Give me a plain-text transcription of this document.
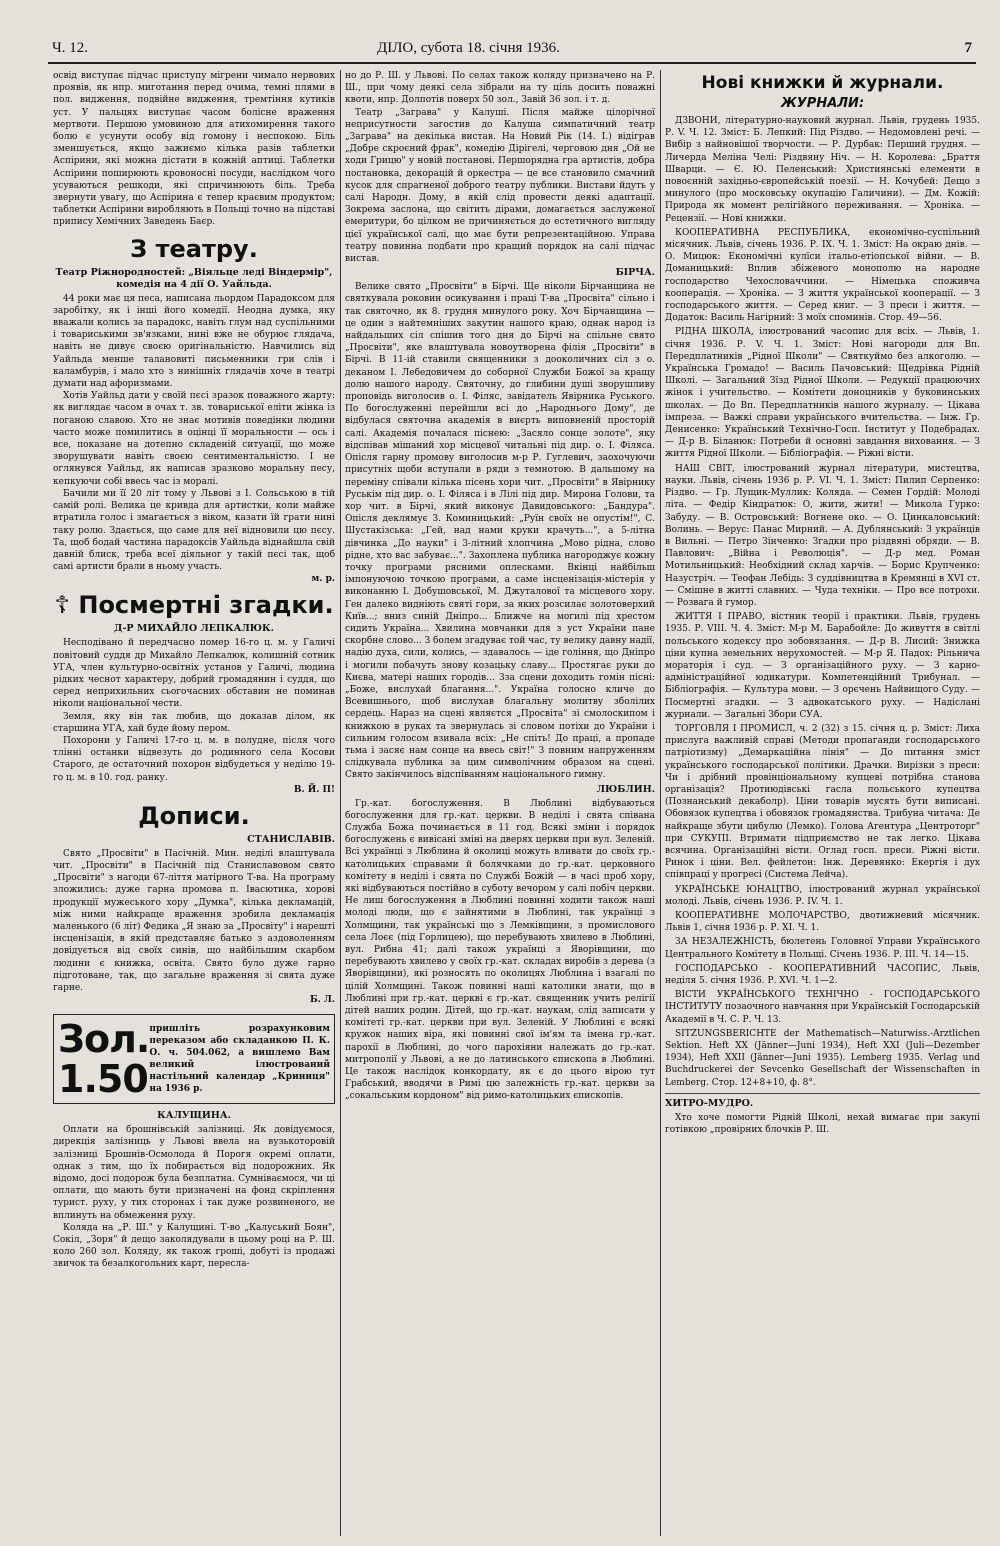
Ч. 12.	ДІЛО, субота 18. січня 1936.	7

освід виступає підчас приступу мігрени чимало нервових проявів, як нпр. миготання перед очима, темні плями в пол. видження, подвійне видження, тремтіння кутиків уст. У пальцях виступає часом болісне враження мертвоти. Першою умовиною для атихомирення такого болю є усунути особу від гомону і неспокою. Біль зменшується, якщо зажиємо кілька разів таблетки Аспірини, які можна дістати в кожній аптиці. Таблетки Аспірини поширюють кровоносні посуди, наслідком чого усуваються решкоди, які спричинюють біль. Треба звернути увагу, що Аспірина є тепер краєвим продуктом; таблетки Аспірини виробляють в Польщі точно на підставі припису Хемічних Заведень Баєр.

З театру.
Театр Ріжнородностей: „Віяльце леді Віндермір", комедія на 4 дії О. Уайльда.

44 роки має ця песа, написана льордом Парадоксом для заробітку, як і інші його комедії. Неодна думка, яку вважали колись за парадокс, навіть глум над суспільними і товариськими зв'язками, нині вже не обурює глядача, навіть не дивує своєю оригінальністю. Навчились від Уайльда менше талановиті письменники гри слів і каламбурів, і мало хто з нинішніх глядачів хоче в театрі думати над афоризмами.

Хотів Уайльд дати у своїй пєсі зразок поважного жарту: як виглядає часом в очах т. зв. товариської еліти жінка із поганою славою. Хто не знає мотивів поведінки людини часто може помилитись в оцінці її моральности — ось і все, показане на дотепно складеній ситуації, що може зворушувати навіть своєю сентиментальністю. І не оглянувся Уайльд, як написав зразково моральну песу, кепкуючи собі ввесь час із моралі.

Бачили ми її 20 літ тому у Львові з І. Сольською в тій самій ролі. Велика це кривда для артистки, коли майже втратила голос і змагається з віком, казати їй грати нині таку ролю. Здається, що саме для неї відновили цю пєсу. Та, щоб бодай частина парадоксів Уайльда віднайшла свій давній блиск, треба всеї діяльног у такій пєсі так, щоб самі артисти брали в ньому участь.

м. р.
☦ Посмертні згадки.
Д-Р МИХАЙЛО ЛЕПКАЛЮК.

Несподівано й передчасно помер 16-го ц. м. у Галичі повітовий суддя др Михайло Лепкалюк, колишній сотник УГА, член культурно-освітніх установ у Галичі, людина рідких чеснот характеру, добрий громадянин і суддя, що серед неприхильних сьогочасних обставин не поминав ніколи національної чести.

Земля, яку він так любив, що доказав ділом, як старшина УГА, хай буде йому пером.

Похорони у Галичі 17-го ц. м. в полудне, після чого тлінні останки відвезуть до родинного села Косови Старого, де остаточний похорон відбудеться у неділю 19-го ц. м. в 10. год. ранку.

В. Й. П!
Дописи.
СТАНИСЛАВІВ.

Свято „Просвіти" в Пасічній. Мин. неділі влаштувала чит. „Просвіти" в Пасічній під Станиславовом свято „Просвіти" з нагоди 67-ліття матірного Т-ва. На програму зложились: дуже гарна промова п. Івасютика, хорові продукції мужеського хору „Думка", кілька декламацій, між ними найкраще враження зробила декламація маленького (6 літ) Федика „Я знаю за „Просвіту" і нарешті інсценізація, в якій представляє батько з аздоволенням довідується від своїх синів, що найбільшим скарбом людини є книжка, освіта. Свято було дуже гарно підготоване, так, що загальне враження зі свята дуже гарне.

Б. Л.
Зол. 1.50
пришліть розрахунковим переказом або складанкою П. К. О. ч. 504.062, а вишлемо Вам великий ілюстрований настільний календар „Криниця" на 1936 р.
КАЛУЩИНА.

Оплати на брошнівській залізниці. Як довідуємося, дирекція залізниць у Львові ввела на вузькоторовій залізниці Брошнів-Осмолода й Порогя окремі оплати, однак з тим, що їх побирається від подорожних. Як відомо, досі подорож була безплатна. Сумніваємося, чи ці оплати, що мають бути призначені на фонд скріплення турист. руху, у тих сторонах і так дуже розвиненого, не вплинуть на обмеження руху.

Коляда на „Р. Ш." у Калущині. Т-во „Калуський Боян", Сокіл, „Зоря" й дещо заколядували в цьому році на Р. Ш. коло 260 зол. Коляду, як також гроші, добуті із продажі звичок та безалкогольних карт, пересла-

но до Р. Ш. у Львові. По селах також коляду призначено на Р. Ш., при чому деякі села зібрали на ту ціль досить поважні квоти, нпр. Долпотів поверх 50 зол., Завій 36 зол. і т. д.

Театр „Заграва" у Калуші. Після майже цілорічної неприсутности загостив до Калуша симпатичний театр „Заграва" на декілька вистав. На Новий Рік (14. І.) відіграв „Добре скроєний фрак", комедію Дірігелі, черговою дня „Ой не ходи Грицю" у новій постанові. Першорядна гра артистів, добра постановка, декорацій й оркестра — це все становило смачний кусок для спрагненої доброго театру публики. Вистави йдуть у салі Народн. Дому, в якій слід провести деякі адаптації. Зокрема заслона, що світить дірами, домагається заслуженої емеритури, бо цілком не причиняється до естетичного вигляду цієї української салі, що має бути репрезентаційною. Управа театру повинна подбати про кращий порядок на салі підчас вистав.

БІРЧА.

Велике свято „Просвіти" в Бірчі. Ще ніколи Бірчанщина не святкувала роковин осикування і праці Т-ва „Просвіта" сільно і так святочно, як 8. грудня минулого року. Хоч Бірчанщина — це один з найтемніших закутин нашого краю, однак народ із найдальших сіл спішив того дня до Бірчі на спільне свято „Просвіти", яке влаштувала новоутворена філія „Просвіти" в Бірчі. В 11-ій ставили священники з дооколичних сіл з о. деканом І. Лебедовичем до соборної Служби Божої за кращу долю нашого народу. Святочну, до глибини душі зворушливу проповідь виголосив о. І. Філяс, завідатель Явірника Руського. По богослуженні перейшли всі до „Народнього Дому", де відбулася святочна академія в виєрть виповненій просторій салі. Академія почалася піснею: „Засяло сонце золоте", яку відспівав мішаний хор місцевої читальні під дир. о. І. Філяса. Опісля гарну промову виголосив м-р Р. Гуглевич, заохочуючи присутніх щоби вступали в ряди з темнотою. В дальшому на переміну співали кілька пісень хори чит. „Просвіти" в Явірнику Руськім під дир. о. І. Філяса і в Лілі під дир. Мирона Голови, та хор чит. в Бірчі, який виконує Давидовського: „Бандура". Опісля деклямує З. Коминицький: „Руїн своїх не опустім!", С. Шустакізська: „Гей, над нами круки крачуть...", а 5-літна дівчинка „До науки" і 3-літний хлопчина „Мово рідна, слово рідне, хто вас забуває...". Захоплена публика нагороджує кожну точку програми рясними оплесками. Вкінці найбільш імпонуючою точкою програми, а саме інсценізація-містерія у виконанню І. Добушовської, М. Джуталової та місцевого хору. Ген далеко видніють святі гори, за яких розсилає золотоверхий Київ...; вниз синій Дніпро... Ближче на могилі під хрестом сидить Україна... Хвилина мовчанки для з уст України пане скорбне слово... З болем згадуває той час, ту велику давну надії, надію духа, сили, колись, — здавалось — іде гоління, що Дніпро і могили побачуть знову козацьку славу... Простягає руки до Києва, матері наших городів... Зза сцени доходить гомін пісні: „Боже, вислухай благання...". Україна голосно кличе до Всевишнього, щоб вислухав благальну молитву зболілих сердець. Нараз на сцені являєтся „Просвіта" зі смолоскипом і книжкою в руках та звернулась зі словом потіхи до України і сильним голосом взивала всіх: „Не спіть! До праці, а пропаде тьма і засяє нам сонце на ввесь світ!" З повним напруженням слідкувала публика за цим символічним образом на сцені. Свято закінчилось відспіванням національного гимну.

ЛЮБЛИН.

Гр.-кат. богослуження. В Люблині відбуваються богослуження для гр.-кат. церкви. В неділі і свята співана Служба Божа починається в 11 год. Всякі зміни і порядок богослужень є вивісані зміні на дверях церкви при вул. Зеленій. Всі українці з Люблина й околиці можуть вливати до своїх гр.-католицьких справами й болячками до гр.-кат. церковного комітету в неділі і свята по Службі Божій — в часі проб хору, які відбуваються постійно в суботу вечором у салі побіч церкви. Не лиш богослуження в Люблині повинні ходити також наші молоді люди, що є зайнятими в Люблині, так українці з Холмщини, так українські що з Лемківщини, з промислового села Лоєє (під Горлицею), що перебувають хвилево в Люблині, вул. Рибна 41; далі також українці з Яворівщини, що перебувають хвилево у своїх гр.-кат. складах виробів з дерева (з Яворівщини), які розносять по околицях Люблина і взагалі по цілій Холмщині. Також повинні наші католики знати, що в Люблині при гр.-кат. церкві є гр.-кат. священник учить релігії дітей наших родин. Дітей, що гр.-кат. наукам, слід записати у комітеті гр.-кат. церкви при вул. Зеленій. У Люблині є всякі кружок наших віра, які повинні свої ім'ям та імена гр.-кат. парохії в Люблині, до чого парохіяни належать до гр.-кат. митрополії у Львові, а не до латинського єпископа в Люблині. Це також наслідок конкордату, як є до цього вірою тут Грабський, вводячи в Римі цю залежність гр.-кат. церкви за „сокальським кордоном" від римо-католицьких єпископів.

Нові книжки й журнали.
ЖУРНАЛИ:

ДЗВОНИ, літературно-науковий журнал. Львів, грудень 1935. Р. V. Ч. 12. Зміст: Б. Лепкий: Під Різдво. — Недомовлені речі. — Вибір з найновішої творчости. — Р. Дурбак: Перший грудня. — Личерда Меліна Челі: Різдвяну Ніч. — Н. Королева: „Браття Шварци. — Є. Ю. Пеленський: Християнські елементи в повоєнній західньо-європейській поезії. — Н. Кочубей: Дещо з минулого (про московську окупацію Галичини). — Дм. Кожій: Природа як момент релігійного переживання. — Хроніка. — Рецензії. — Нові книжки.

КООПЕРАТИВНА РЕСПУБЛИКА, економічно-суспільний місячник. Львів, січень 1936. Р. IX. Ч. 1. Зміст: На окраю днів. — О. Мицюк: Економічні кулїси італьо-етіопської війни. — В. Доманицький: Вплив збіжевого монополю на народне господарство Чехословаччини. — Німецька споживча кооперація. — Хроніка. — З життя української кооперації. — З господарського життя. — Серед книг. — З преси і життя. — Додаток: Василь Нагірний: З моїх споминів. Стор. 49—56.

РІДНА ШКОЛА, ілюстрований часопис для всіх. — Львів, 1. січня 1936. Р. V. Ч. 1. Зміст: Нові нагороди для Вп. Передплатників „Рідної Школи" — Святкуймо без алкоголю. — Українська Громадо! — Василь Пачовський: Щедрівка Рідній Школі. — Загальний Зїзд Рідної Школи. — Редукції працюючих жінок і учительство. — Комітети доноцників у буковинських школах. — До Вп. Передплатників нашого журналу. — Цікава імпреза. — Важкі справи українського вчительства. — Інж. Гр. Денисенко: Український Технічно-Госп. Інститут у Подебрадах. — Д-р В. Біланюк: Потреби й основні завдання виховання. — З життя Рідної Школи. — Бібліографія. — Ріжні вісти.

НАШ СВІТ, ілюстрований журнал літератури, мистецтва, науки. Львів, січень 1936 р. Р. VI. Ч. 1. Зміст: Пилип Серпенко: Різдво. — Гр. Лущик-Муллик: Коляда. — Семен Гордій: Молоді літа. — Федір Кіндратюк: О, жити, жити! — Микола Гурко: Забуду. — В. Островський: Вогнене око. — О. Цинкаловський: Волинь. — Верус: Панас Мирний. — А. Дублянський: З українців в Вильні. — Петро Зінченко: Згадки про різдвяні обряди. — В. Павлович: „Війна і Революція". — Д-р мед. Роман Мотильницький: Необхідний склад харчів. — Борис Крупченко: Назустріч. — Теофан Лебідь: З суддівництва в Кремянці в XVI ст. — Смішне в житті славних. — Чуда техніки. — Про все потрохи. — Розвага й гумор.

ЖИТТЯ І ПРАВО, вістник теорії і практики. Львів, грудень 1935. Р. VIII. Ч. 4. Зміст: М-р М. Барабойле: До живуття в світлі польського кодексу про зобовязання. — Д-р В. Лисий: Знижка ціни купна земельних нерухомостей. — М-р Я. Падох: Рільнича мораторія і суд. — З організаційного руху. — З карно-адміністраційної юдикатури. Компетенційний Трибунал. — Бібліографія. — Культура мови. — З орєчень Найвищого Суду. — Посмертні згадки. — З адвокатського руху. — Надіслані журнали. — Загальні Збори СУА.

ТОРГОВЛЯ І ПРОМИСЛ, ч. 2 (32) з 15. січня ц. р. Зміст: Лиха прислуга важливій справі (Методи пропаганди господарського патріотизму) „Демаркаційна лінія" — До питання зміст українського господарської політики. Драчки. Вирізки з преси: Чи і дрібний провінціональному купцеві потрібна станова організація? Протиюдівські гасла польського купецтва (Познанський декаболр). Ціни товарів мусять бути виписані. Обовязок купецтва і обовязок громадянства. Трибуна читача: Де найкраще збути цибулю (Лемко). Голова Агентура „Центроторг" при СУКУПІ. Втримати підприємство не так легко. Цікава всячина. Організаційні вісти. Оглад госп. преси. Ріжні вісти. Ринок і ціни. Вел. фейлетон: Інж. Деревянко: Екергія і дух співпраці у прогресі (Система Лейча).

УКРАЇНСЬКЕ ЮНАЦТВО, ілюстрований журнал української молоді. Львів, січень 1936. Р. IV. Ч. 1.

КООПЕРАТИВНЕ МОЛОЧАРСТВО, двотижневий місячник. Львів 1, січня 1936 р. Р. XI. Ч. 1.

ЗА НЕЗАЛЕЖНІСТЬ, бюлетень Головної Управи Українського Центрального Комітету в Польщі. Січень 1936. Р. ІІІ. Ч. 14—15.

ГОСПОДАРСЬКО - КООПЕРАТИВНИЙ ЧАСОПИС, Львів, неділя 5. січня 1936. Р. XVI. Ч. 1—2.

ВІСТИ УКРАЇНСЬКОГО ТЕХНІЧНО - ГОСПОДАРСЬКОГО ІНСТИТУТУ позаочного навчання при Українській Господарській Академії в Ч. С. Р. Ч. 13.

SITZUNGSBERICHTE der Mathematisch—Naturwiss.-Arztlichen Sektion. Heft XX (Jänner—Juni 1934), Heft XXI (Juli—Dezember 1934), Heft XXII (Jänner—Juni 1935). Lemberg 1935. Verlag und Buchdruckerei der Sevcenko Gesellschaft der Wissenschaften in Lemberg. Стор. 12+8+10, ф. 8°.

ХИТРО-МУДРО.

Хто хоче помогти Рідній Школі, нехай вимагає при закупі готівкою „провірних блочків Р. Ш.
